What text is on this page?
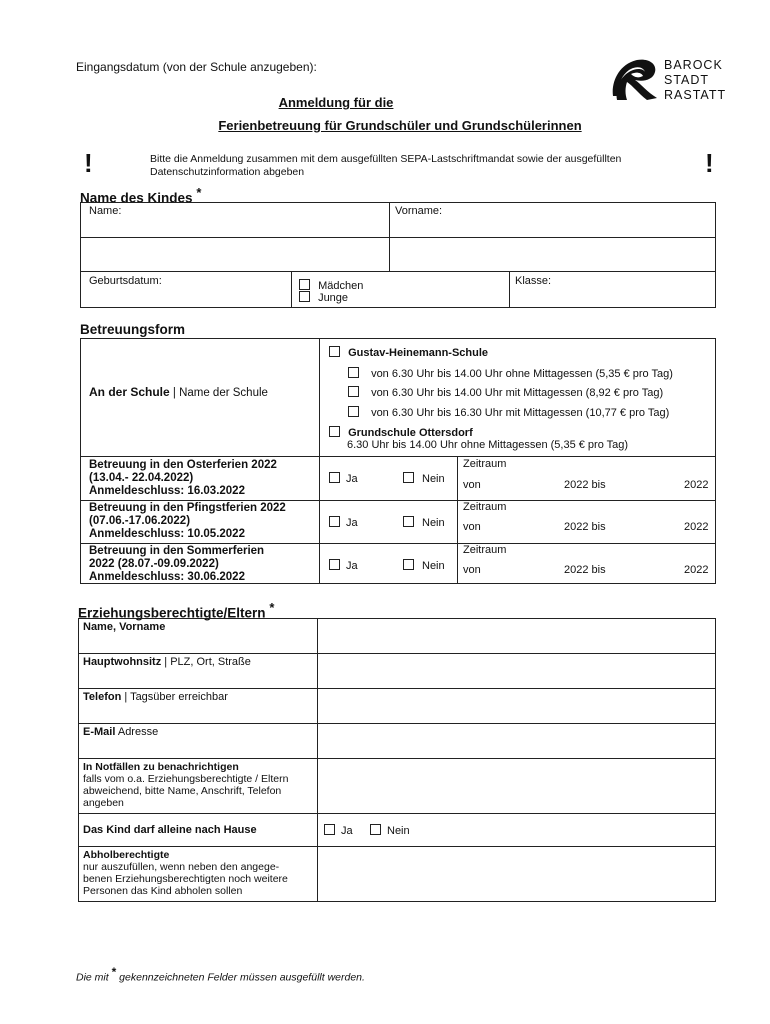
Eingangsdatum (von der Schule anzugeben):	BAROCK
STADT
RASTATT
Anmeldung für die
Ferienbetreuung für Grundschüler und Grundschülerinnen
!	Bitte die Anmeldung zusammen mit dem ausgefüllten SEPA-Lastschriftmandat sowie der ausgefüllten
Datenschutzinformation abgeben	!
Name des Kindes *
Name:	Vorname:
Geburtsdatum:	Mädchen
Junge
Klasse:
Betreuungsform
An der Schule | Name der Schule
Gustav-Heinemann-Schule
von 6.30 Uhr bis 14.00 Uhr ohne Mittagessen (5,35 € pro Tag)
von 6.30 Uhr bis 14.00 Uhr mit Mittagessen (8,92 € pro Tag)
von 6.30 Uhr bis 16.30 Uhr mit Mittagessen (10,77 € pro Tag)
Grundschule Ottersdorf
6.30 Uhr bis 14.00 Uhr ohne Mittagessen (5,35 € pro Tag)
Betreuung in den Osterferien 2022
(13.04.- 22.04.2022)
Anmeldeschluss: 16.03.2022
Ja	Nein
Zeitraum
von	2022 bis	2022
Betreuung in den Pfingstferien 2022
(07.06.-17.06.2022)
Anmeldeschluss: 10.05.2022
Ja	Nein
Zeitraum
von	2022 bis	2022
Betreuung in den Sommerferien
2022 (28.07.-09.09.2022)
Anmeldeschluss: 30.06.2022
Ja	Nein
Zeitraum
von	2022 bis	2022
Erziehungsberechtigte/Eltern *
Name, Vorname
Hauptwohnsitz | PLZ, Ort, Straße
Telefon | Tagsüber erreichbar
E-Mail Adresse
In Notfällen zu benachrichtigen
falls vom o.a. Erziehungsberechtigte / Eltern
abweichend, bitte Name, Anschrift, Telefon
angeben
Das Kind darf alleine nach Hause	Ja	Nein
Abholberechtigte
nur auszufüllen, wenn neben den angege-
benen Erziehungsberechtigten noch weitere
Personen das Kind abholen sollen
Die mit * gekennzeichneten Felder müssen ausgefüllt werden.
